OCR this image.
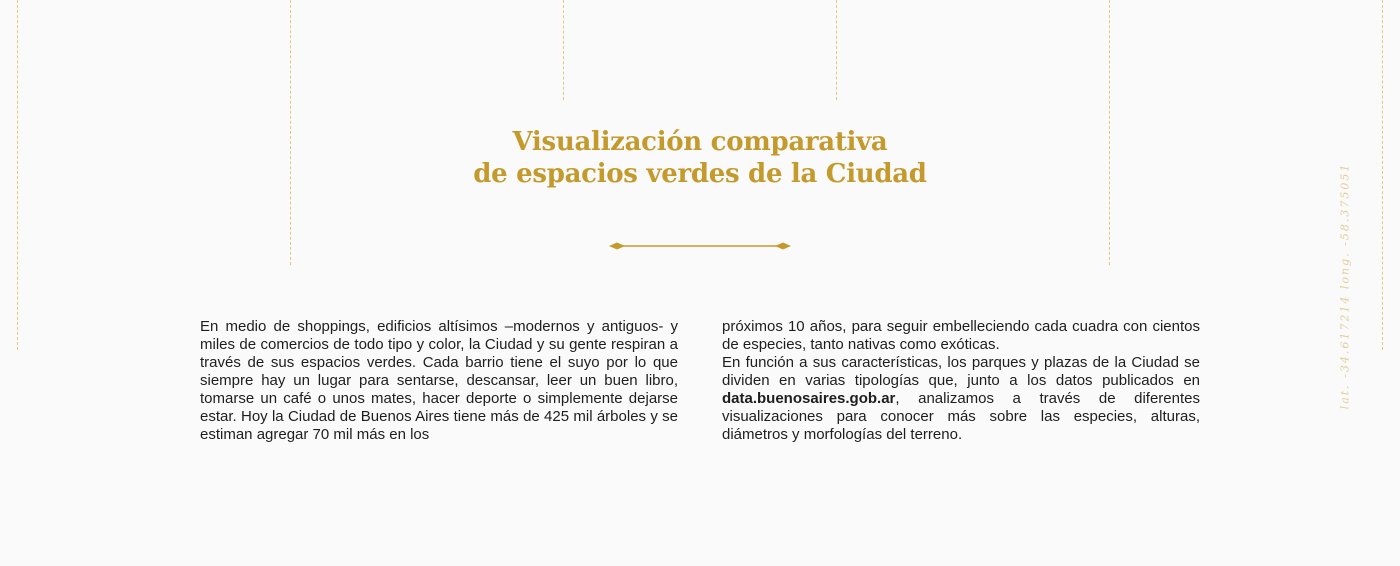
Visualización comparativa
de espacios verdes de la Ciudad

En medio de shoppings, edificios altísimos –modernos y antiguos- y miles de comercios de todo tipo y color, la Ciudad y su gente respiran a través de sus espacios verdes. Cada barrio tiene el suyo por lo que siempre hay un lugar para sentarse, descansar, leer un buen libro, tomarse un café o unos mates, hacer deporte o simplemente dejarse estar. Hoy la Ciudad de Buenos Aires tiene más de 425 mil árboles y se estiman agregar 70 mil más en los

próximos 10 años, para seguir embelleciendo cada cuadra con cientos de especies, tanto nativas como exóticas.

En función a sus características, los parques y plazas de la Ciudad se dividen en varias tipologías que, junto a los datos publicados en data.buenosaires.gob.ar, analizamos a través de diferentes visualizaciones para conocer más sobre las especies, alturas, diámetros y morfologías del terreno.

lat. -34.617214 long. -58.375051
